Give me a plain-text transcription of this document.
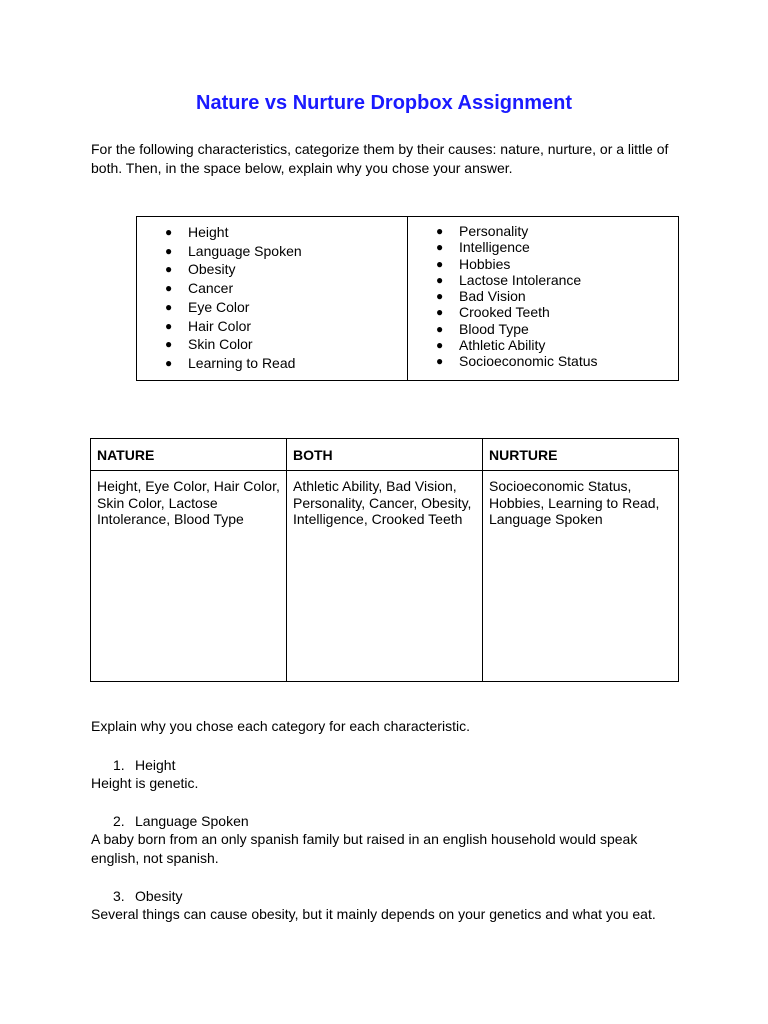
Nature vs Nurture Dropbox Assignment

For the following characteristics, categorize them by their causes: nature, nurture, or a little of both. Then, in the space below, explain why you chose your answer.

● Height
● Language Spoken
● Obesity
● Cancer
● Eye Color
● Hair Color
● Skin Color
● Learning to Read
● Personality
● Intelligence
● Hobbies
● Lactose Intolerance
● Bad Vision
● Crooked Teeth
● Blood Type
● Athletic Ability
● Socioeconomic Status
NATURE	BOTH	NURTURE
Height, Eye Color, Hair Color, Skin Color, Lactose Intolerance, Blood Type	Athletic Ability, Bad Vision, Personality, Cancer, Obesity, Intelligence, Crooked Teeth	Socioeconomic Status, Hobbies, Learning to Read, Language Spoken

Explain why you chose each category for each characteristic.

1. Height

Height is genetic.

2. Language Spoken

A baby born from an only spanish family but raised in an english household would speak english, not spanish.

3. Obesity

Several things can cause obesity, but it mainly depends on your genetics and what you eat.
